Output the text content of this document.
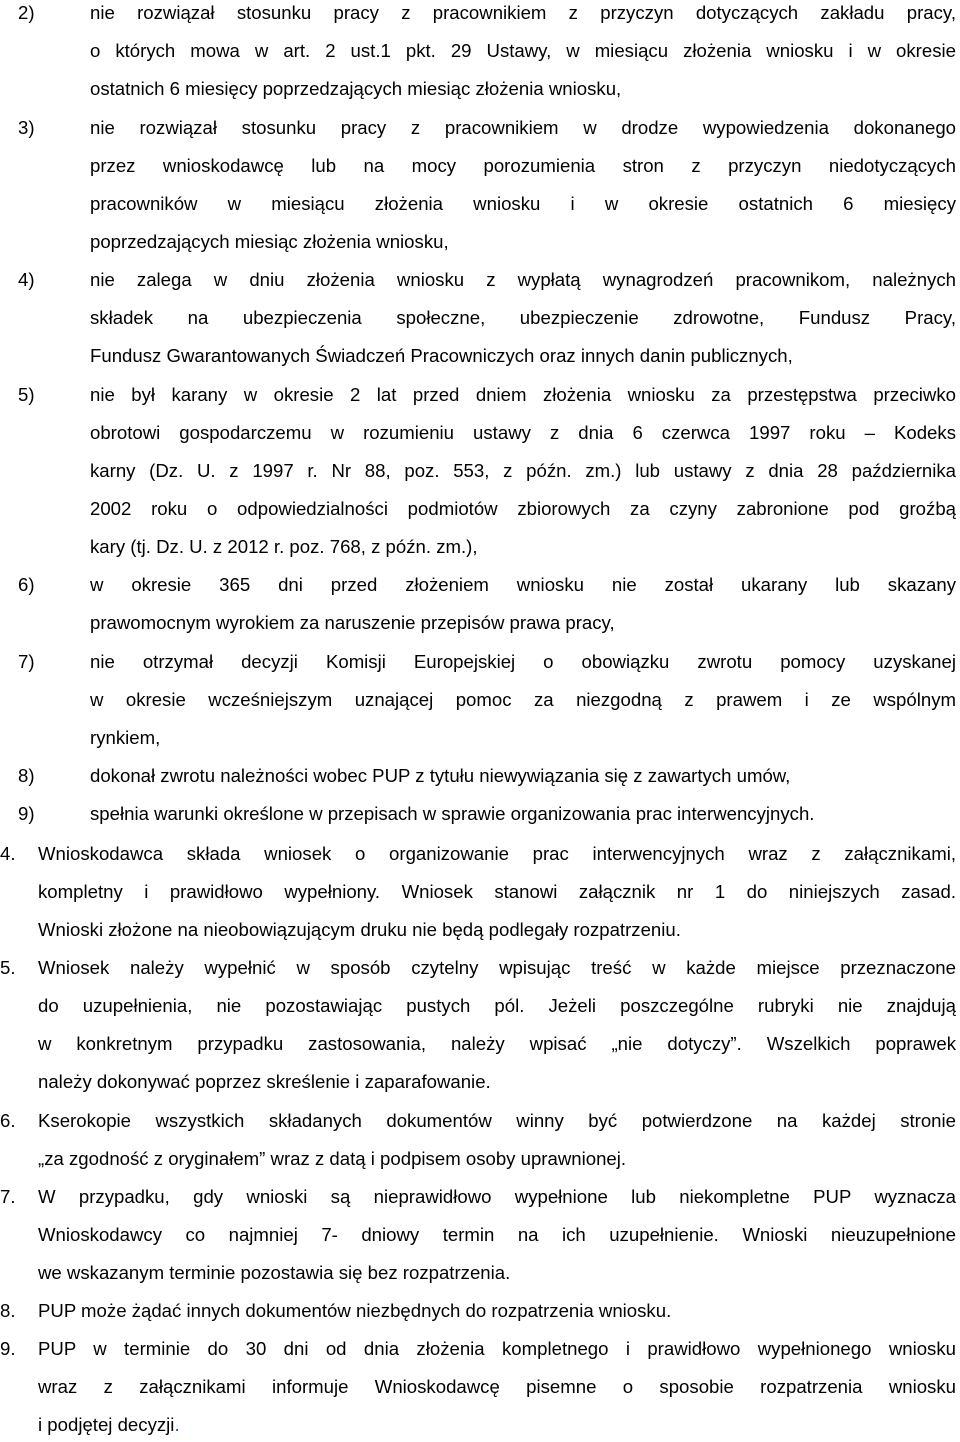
2)	nie rozwiązał stosunku pracy z pracownikiem z przyczyn dotyczących zakładu pracy,
o których mowa w art. 2 ust.1 pkt. 29 Ustawy, w miesiącu złożenia wniosku i w okresie
ostatnich 6 miesięcy poprzedzających miesiąc złożenia wniosku,
3)	nie rozwiązał stosunku pracy z pracownikiem w drodze wypowiedzenia dokonanego
przez wnioskodawcę lub na mocy porozumienia stron z przyczyn niedotyczących
pracowników w miesiącu złożenia wniosku i w okresie ostatnich 6 miesięcy
poprzedzających miesiąc złożenia wniosku,
4)	nie zalega w dniu złożenia wniosku z wypłatą wynagrodzeń pracownikom, należnych
składek na ubezpieczenia społeczne, ubezpieczenie zdrowotne, Fundusz Pracy,
Fundusz Gwarantowanych Świadczeń Pracowniczych oraz innych danin publicznych,
5)	nie był karany w okresie 2 lat przed dniem złożenia wniosku za przestępstwa przeciwko
obrotowi gospodarczemu w rozumieniu ustawy z dnia 6 czerwca 1997 roku – Kodeks
karny (Dz. U. z 1997 r. Nr 88, poz. 553, z późn. zm.) lub ustawy z dnia 28 października
2002 roku o odpowiedzialności podmiotów zbiorowych za czyny zabronione pod groźbą
kary (tj. Dz. U. z 2012 r. poz. 768, z późn. zm.),
6)	w okresie 365 dni przed złożeniem wniosku nie został ukarany lub skazany
prawomocnym wyrokiem za naruszenie przepisów prawa pracy,
7)	nie otrzymał decyzji Komisji Europejskiej o obowiązku zwrotu pomocy uzyskanej
w okresie wcześniejszym uznającej pomoc za niezgodną z prawem i ze wspólnym
rynkiem,
8)	dokonał zwrotu należności wobec PUP z tytułu niewywiązania się z zawartych umów,
9)	spełnia warunki określone w przepisach w sprawie organizowania prac interwencyjnych.
4. Wnioskodawca składa wniosek o organizowanie prac interwencyjnych wraz z załącznikami,
kompletny i prawidłowo wypełniony. Wniosek stanowi załącznik nr 1 do niniejszych zasad.
Wnioski złożone na nieobowiązującym druku nie będą podlegały rozpatrzeniu.
5. Wniosek należy wypełnić w sposób czytelny wpisując treść w każde miejsce przeznaczone
do uzupełnienia, nie pozostawiając pustych pól. Jeżeli poszczególne rubryki nie znajdują
w konkretnym przypadku zastosowania, należy wpisać „nie dotyczy”. Wszelkich poprawek
należy dokonywać poprzez skreślenie i zaparafowanie.
6. Kserokopie wszystkich składanych dokumentów winny być potwierdzone na każdej stronie
„za zgodność z oryginałem” wraz z datą i podpisem osoby uprawnionej.
7. W przypadku, gdy wnioski są nieprawidłowo wypełnione lub niekompletne PUP wyznacza
Wnioskodawcy co najmniej 7- dniowy termin na ich uzupełnienie. Wnioski nieuzupełnione
we wskazanym terminie pozostawia się bez rozpatrzenia.
8. PUP może żądać innych dokumentów niezbędnych do rozpatrzenia wniosku.
9. PUP w terminie do 30 dni od dnia złożenia kompletnego i prawidłowo wypełnionego wniosku
wraz z załącznikami informuje Wnioskodawcę pisemne o sposobie rozpatrzenia wniosku
i podjętej decyzji.
